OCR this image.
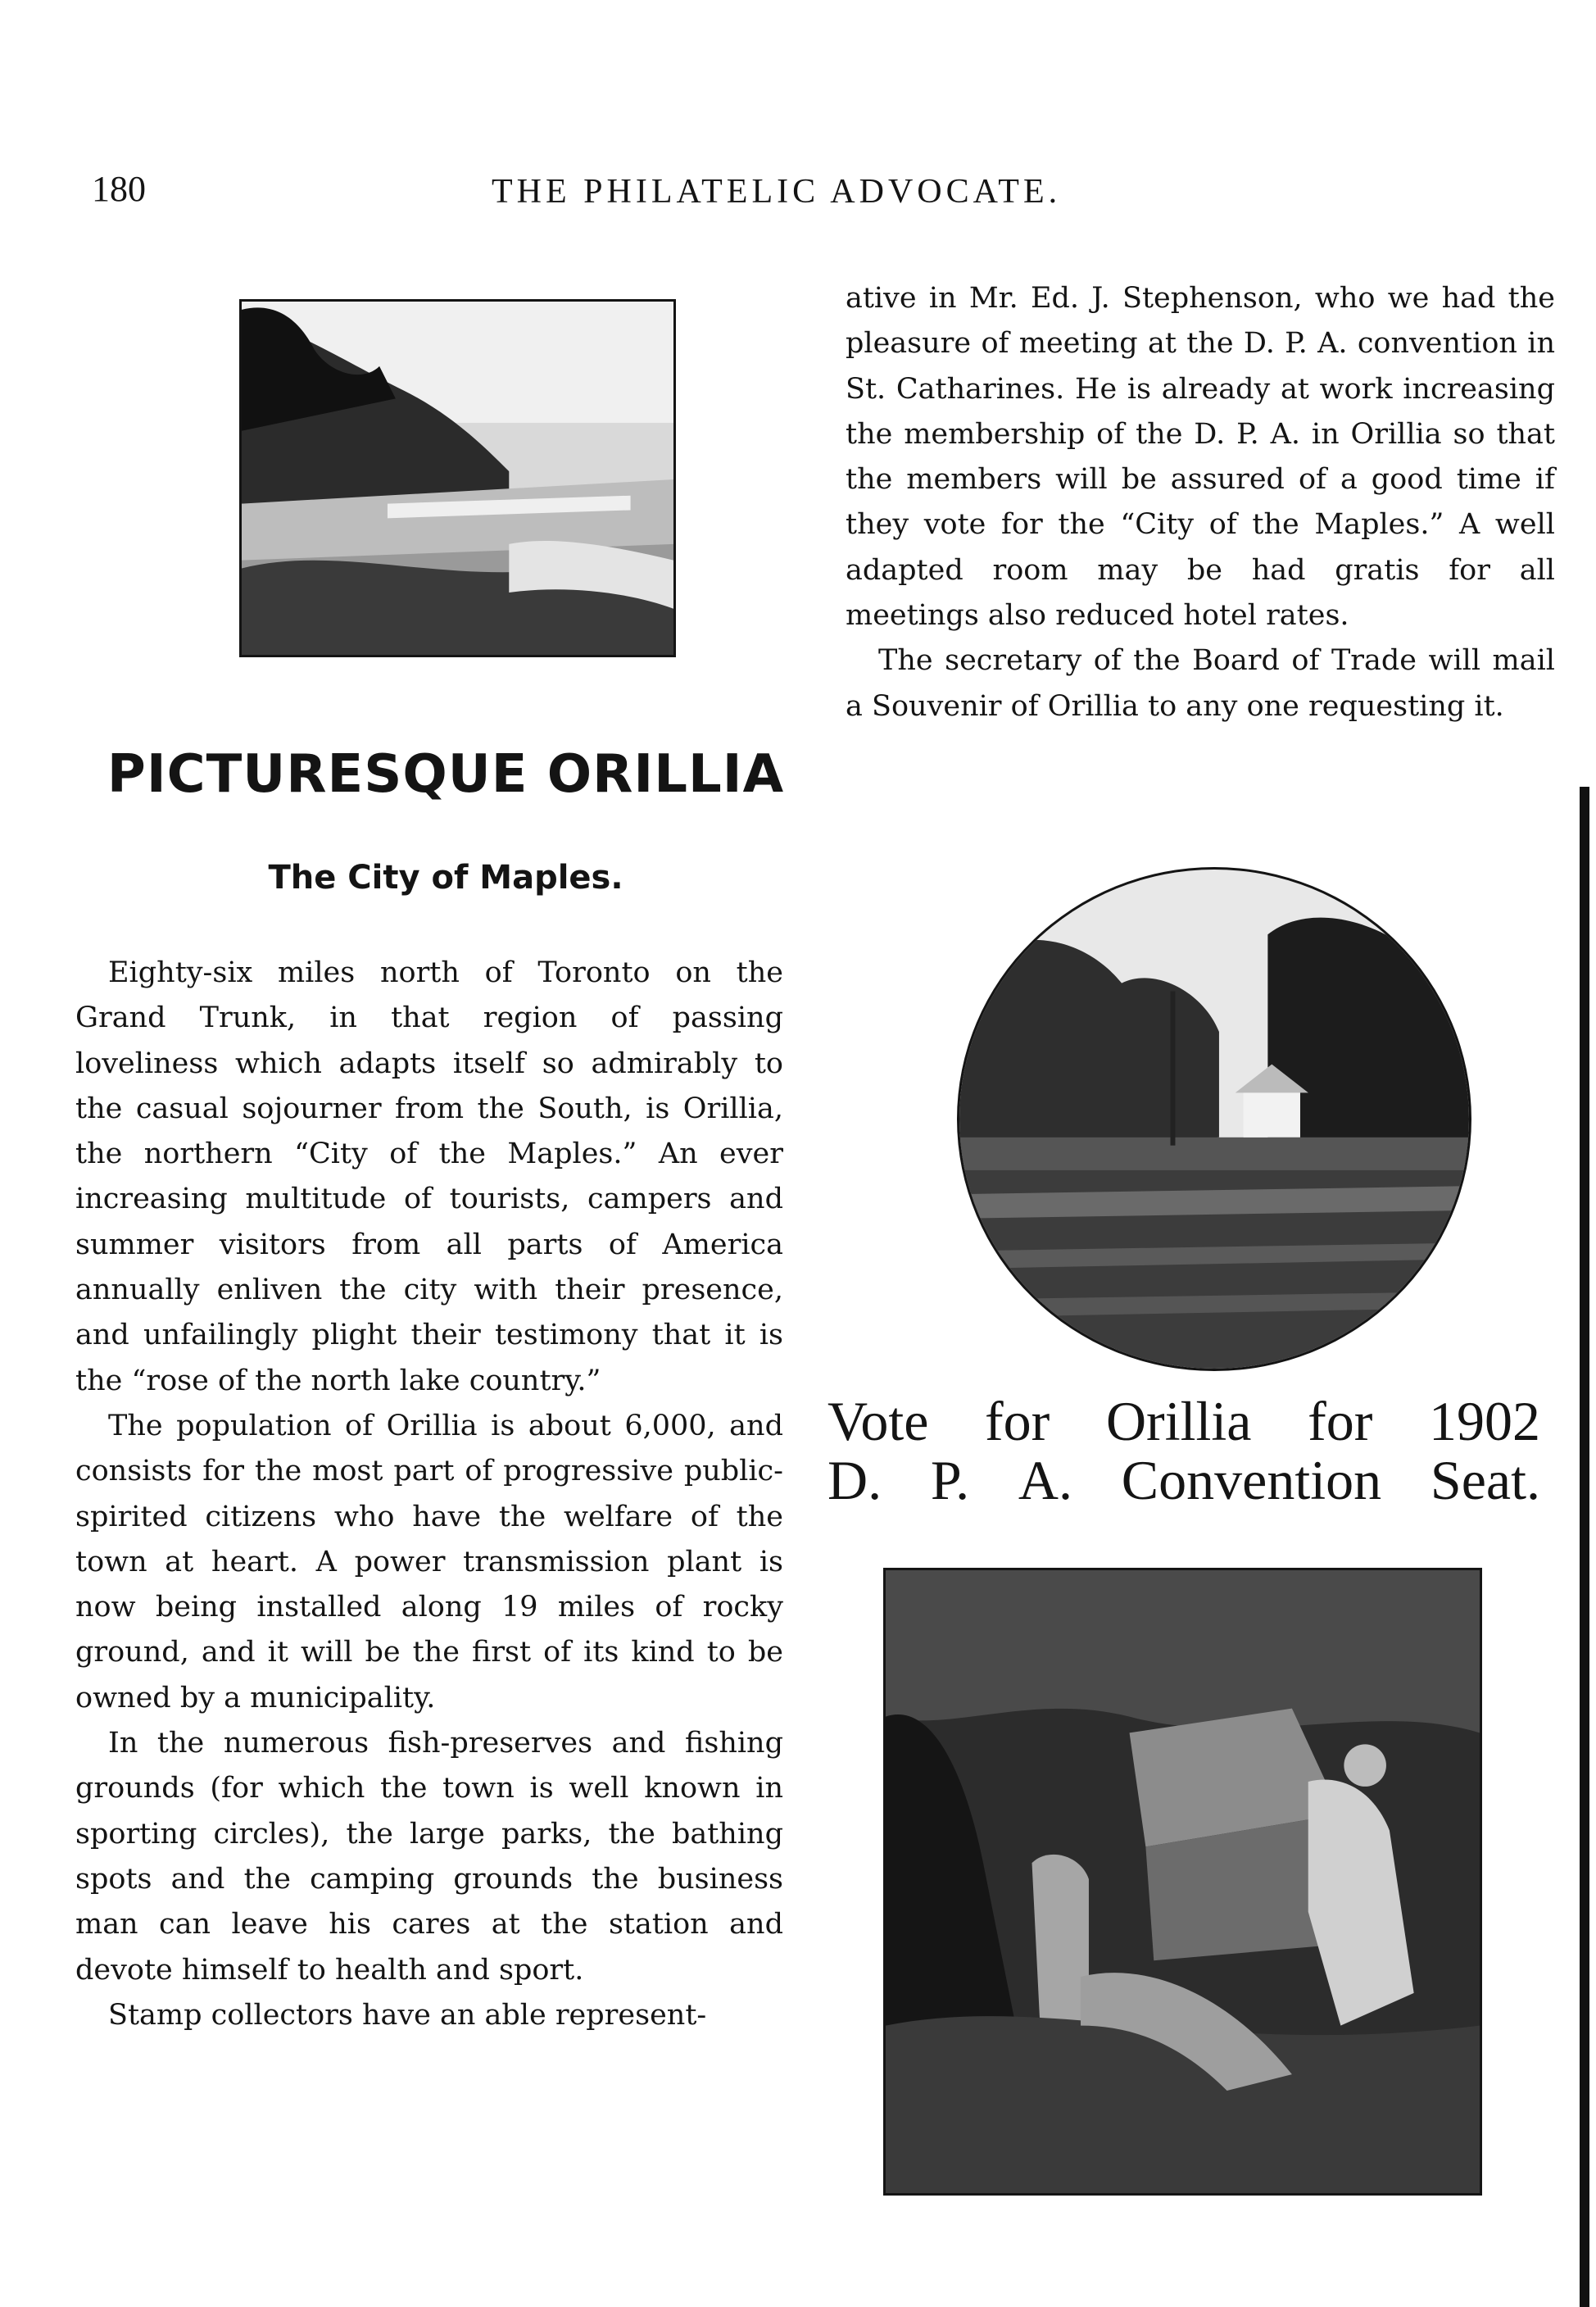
180	THE PHILATELIC ADVOCATE.
PICTURESQUE ORILLIA
The City of Maples.

Eighty-six miles north of Toronto on the Grand Trunk, in that region of passing loveliness which adapts itself so admirably to the casual sojourner from the South, is Orillia, the northern “City of the Maples.” An ever increasing multitude of tourists, campers and summer visitors from all parts of America annually enliven the city with their presence, and unfailingly plight their testimony that it is the “rose of the north lake country.”

The population of Orillia is about 6,000, and consists for the most part of progressive public-spirited citizens who have the welfare of the town at heart. A power transmission plant is now being installed along 19 miles of rocky ground, and it will be the first of its kind to be owned by a municipality.

In the numerous fish-preserves and fishing grounds (for which the town is well known in sporting circles), the large parks, the bathing spots and the camping grounds the business man can leave his cares at the station and devote himself to health and sport.

Stamp collectors have an able represent-

ative in Mr. Ed. J. Stephenson, who we had the pleasure of meeting at the D. P. A. convention in St. Catharines. He is already at work increasing the membership of the D. P. A. in Orillia so that the members will be assured of a good time if they vote for the “City of the Maples.” A well adapted room may be had gratis for all meetings also reduced hotel rates.

The secretary of the Board of Trade will mail a Souvenir of Orillia to any one requesting it.

Vote for Orillia for 1902
D. P. A. Convention Seat.
